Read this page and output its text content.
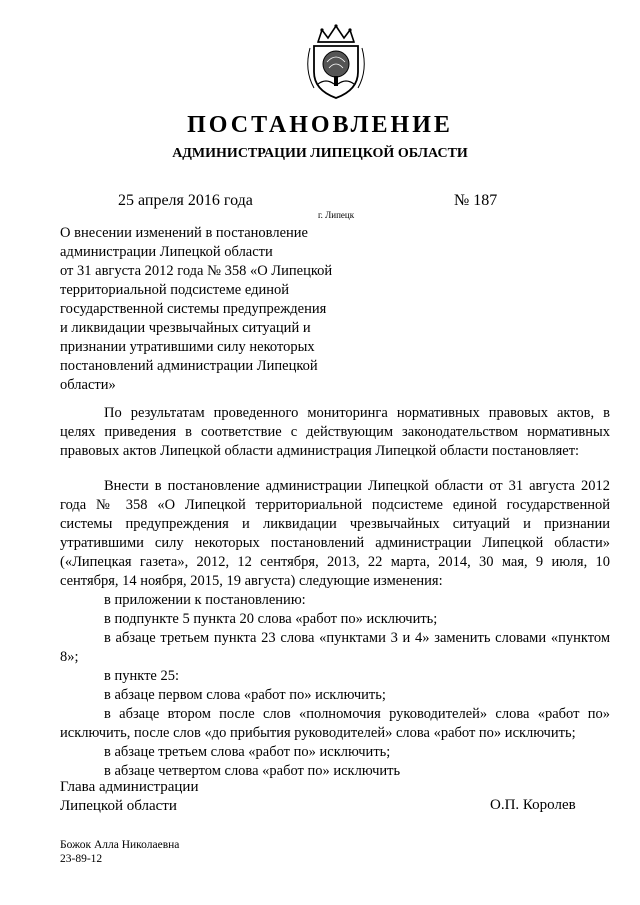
ПОСТАНОВЛЕНИЕ
АДМИНИСТРАЦИИ ЛИПЕЦКОЙ ОБЛАСТИ
25 апреля 2016 года
г. Липецк
№ 187
О внесении изменений в постановление
администрации Липецкой области
от 31 августа 2012 года № 358 «О Липецкой
территориальной подсистеме единой
государственной системы предупреждения
и ликвидации чрезвычайных ситуаций и
признании утратившими силу некоторых
постановлений администрации Липецкой
области»

По результатам проведенного мониторинга нормативных правовых актов, в целях приведения в соответствие с действующим законодательством нормативных правовых актов Липецкой области администрация Липецкой области постановляет:

Внести в постановление администрации Липецкой области от 31 августа 2012 года № 358 «О Липецкой территориальной подсистеме единой государственной системы предупреждения и ликвидации чрезвычайных ситуаций и признании утратившими силу некоторых постановлений администрации Липецкой области» («Липецкая газета», 2012, 12 сентября, 2013, 22 марта, 2014, 30 мая, 9 июля, 10 сентября, 14 ноября, 2015, 19 августа) следующие изменения:

в приложении к постановлению:

в подпункте 5 пункта 20 слова «работ по» исключить;

в абзаце третьем пункта 23 слова «пунктами 3 и 4» заменить словами «пунктом 8»;

в пункте 25:

в абзаце первом слова «работ по» исключить;

в абзаце втором после слов «полномочия руководителей» слова «работ по» исключить, после слов «до прибытия руководителей» слова «работ по» исключить;

в абзаце третьем слова «работ по» исключить;

в абзаце четвертом слова «работ по» исключить

Глава администрации
Липецкой области	О.П. Королев
Божок Алла Николаевна
23-89-12
